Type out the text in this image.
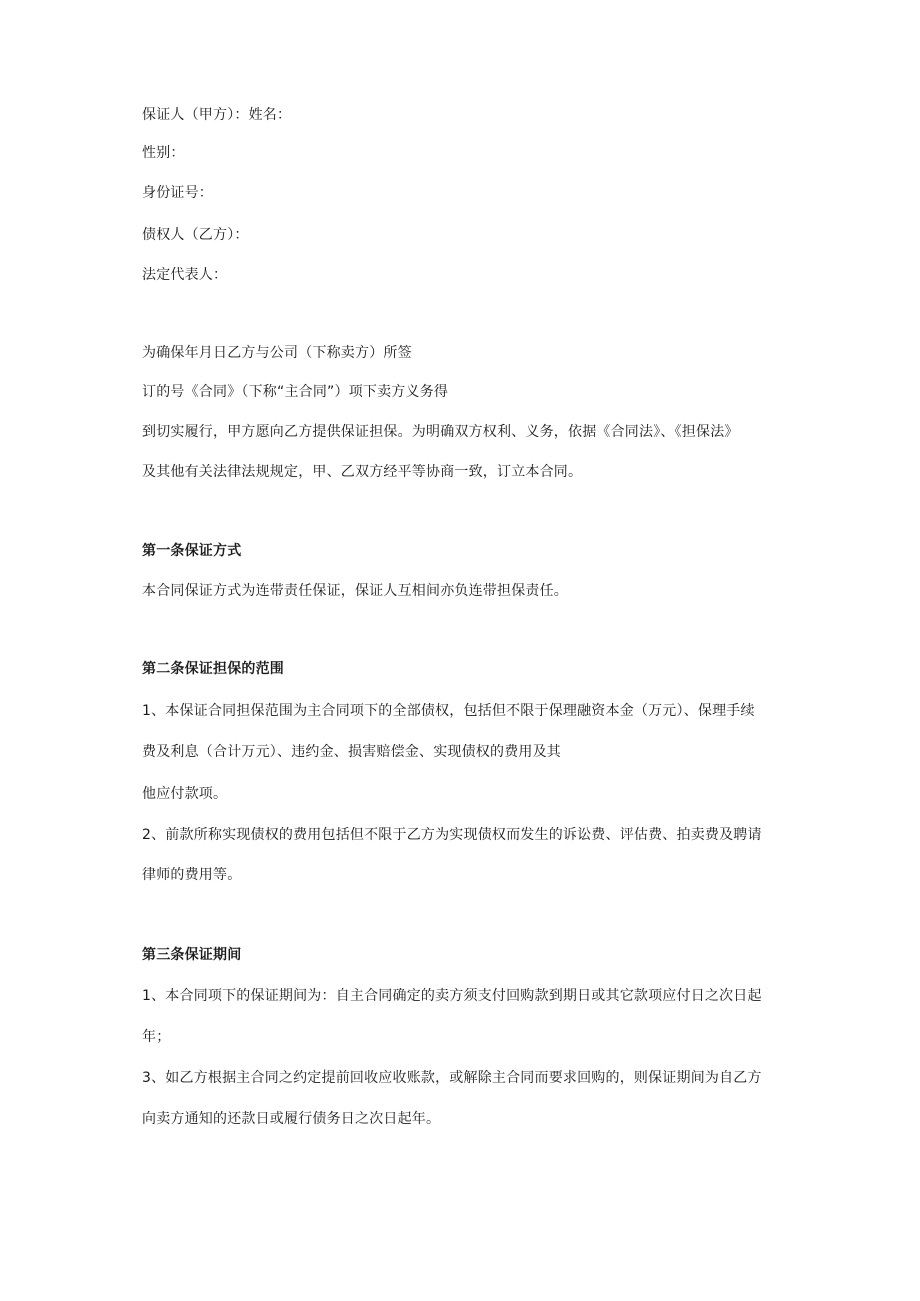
保证人（甲方）：姓名：
性别：
身份证号：
债权人（乙方）：
法定代表人：
为确保年月日乙方与公司（下称卖方）所签
订的号《合同》（下称“主合同”）项下卖方义务得
到切实履行，甲方愿向乙方提供保证担保。为明确双方权利、义务，依据《合同法》、《担保法》
及其他有关法律法规规定，甲、乙双方经平等协商一致，订立本合同。
第一条保证方式
本合同保证方式为连带责任保证，保证人互相间亦负连带担保责任。
第二条保证担保的范围
1、本保证合同担保范围为主合同项下的全部债权，包括但不限于保理融资本金（万元）、保理手续
费及利息（合计万元）、违约金、损害赔偿金、实现债权的费用及其
他应付款项。
2、前款所称实现债权的费用包括但不限于乙方为实现债权而发生的诉讼费、评估费、拍卖费及聘请
律师的费用等。
第三条保证期间
1、本合同项下的保证期间为：自主合同确定的卖方须支付回购款到期日或其它款项应付日之次日起
年；
3、如乙方根据主合同之约定提前回收应收账款，或解除主合同而要求回购的，则保证期间为自乙方
向卖方通知的还款日或履行债务日之次日起年。
